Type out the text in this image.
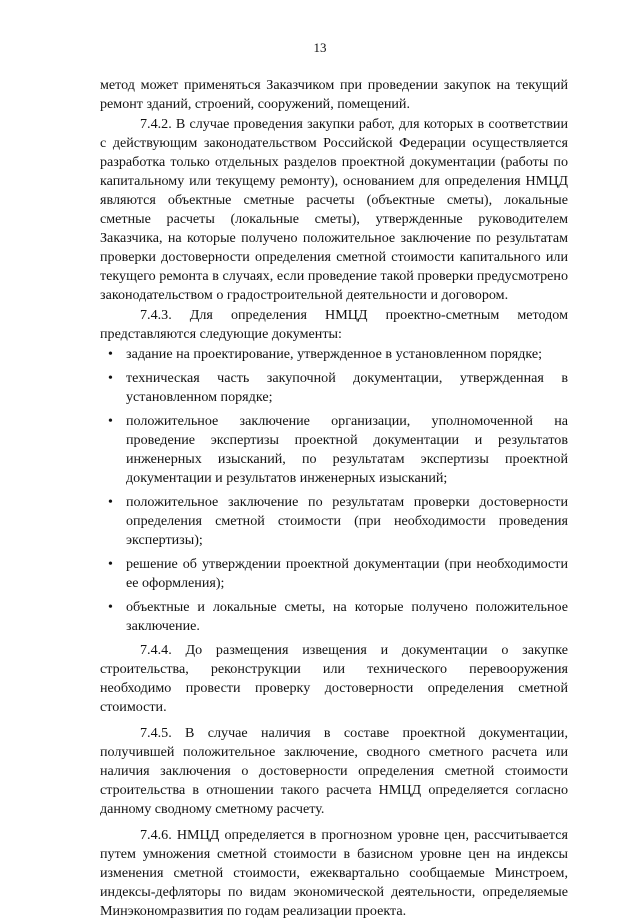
13

метод может применяться Заказчиком при проведении закупок на текущий ремонт зданий, строений, сооружений, помещений.

7.4.2. В случае проведения закупки работ, для которых в соответствии с действующим законодательством Российской Федерации осуществляется разработка только отдельных разделов проектной документации (работы по капитальному или текущему ремонту), основанием для определения НМЦД являются объектные сметные расчеты (объектные сметы), локальные сметные расчеты (локальные сметы), утвержденные руководителем Заказчика, на которые получено положительное заключение по результатам проверки достоверности определения сметной стоимости капитального или текущего ремонта в случаях, если проведение такой проверки предусмотрено законодательством о градостроительной деятельности и договором.

7.4.3. Для определения НМЦД проектно-сметным методом представляются следующие документы:

• задание на проектирование, утвержденное в установленном порядке;
• техническая часть закупочной документации, утвержденная в установленном порядке;
• положительное заключение организации, уполномоченной на проведение экспертизы проектной документации и результатов инженерных изысканий, по результатам экспертизы проектной документации и результатов инженерных изысканий;
• положительное заключение по результатам проверки достоверности определения сметной стоимости (при необходимости проведения экспертизы);
• решение об утверждении проектной документации (при необходимости ее оформления);
• объектные и локальные сметы, на которые получено положительное заключение.

7.4.4. До размещения извещения и документации о закупке строительства, реконструкции или технического перевооружения необходимо провести проверку достоверности определения сметной стоимости.

7.4.5. В случае наличия в составе проектной документации, получившей положительное заключение, сводного сметного расчета или наличия заключения о достоверности определения сметной стоимости строительства в отношении такого расчета НМЦД определяется согласно данному сводному сметному расчету.

7.4.6. НМЦД определяется в прогнозном уровне цен, рассчитывается путем умножения сметной стоимости в базисном уровне цен на индексы изменения сметной стоимости, ежеквартально сообщаемые Минстроем, индексы-дефляторы по видам экономической деятельности, определяемые Минэкономразвития по годам реализации проекта.
